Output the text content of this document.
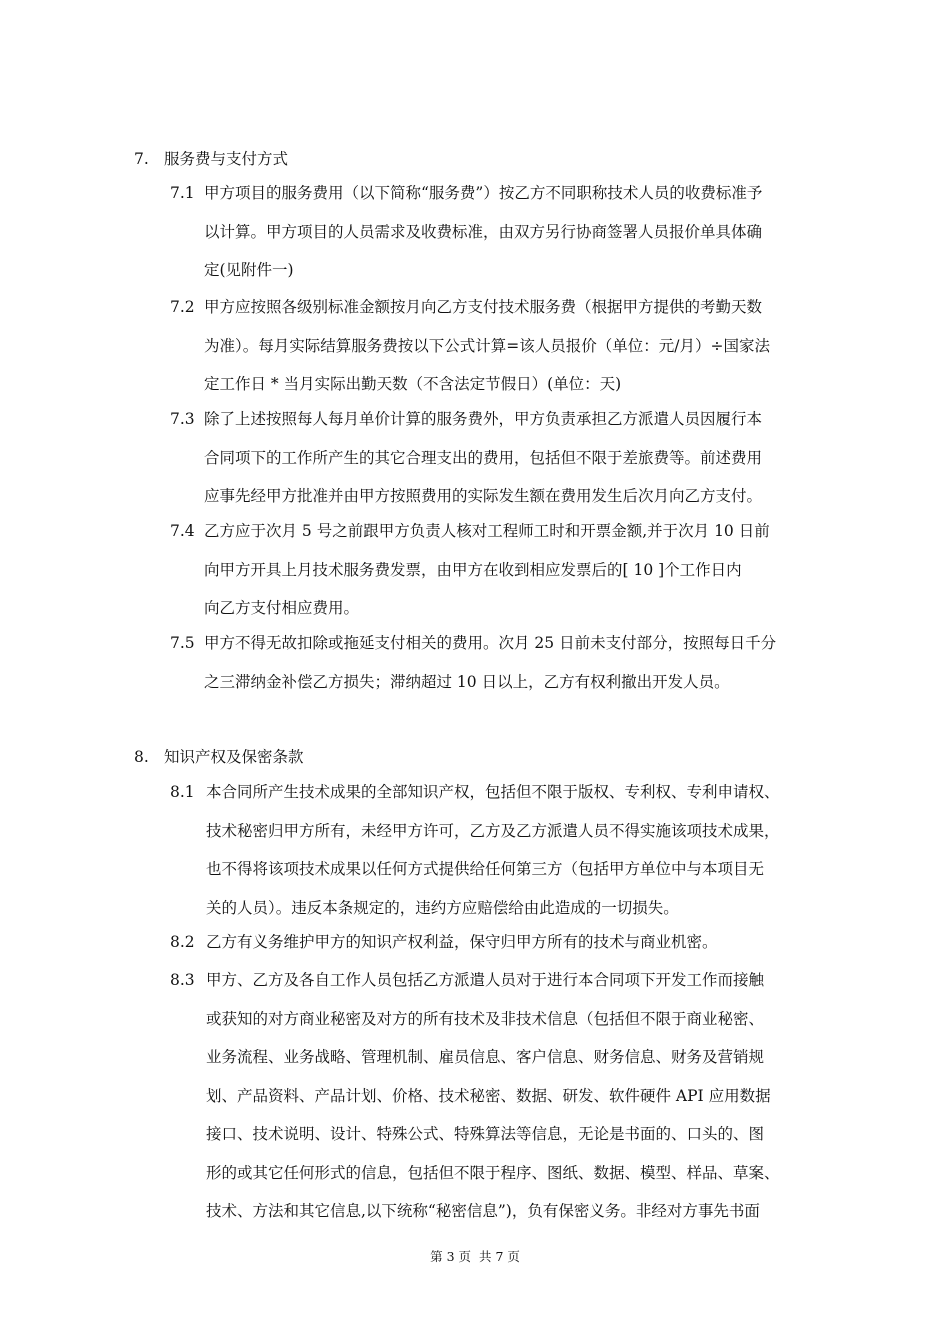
7. 服务费与支付方式
7.1 甲方项目的服务费用（以下简称“服务费”）按乙方不同职称技术人员的收费标准予
以计算。甲方项目的人员需求及收费标准，由双方另行协商签署人员报价单具体确
定(见附件一)
7.2 甲方应按照各级别标准金额按月向乙方支付技术服务费（根据甲方提供的考勤天数
为准）。每月实际结算服务费按以下公式计算=该人员报价（单位：元/月）÷国家法
定工作日 * 当月实际出勤天数（不含法定节假日）(单位：天)
7.3 除了上述按照每人每月单价计算的服务费外，甲方负责承担乙方派遣人员因履行本
合同项下的工作所产生的其它合理支出的费用，包括但不限于差旅费等。前述费用
应事先经甲方批准并由甲方按照费用的实际发生额在费用发生后次月向乙方支付。
7.4 乙方应于次月 5 号之前跟甲方负责人核对工程师工时和开票金额,并于次月 10 日前
向甲方开具上月技术服务费发票，由甲方在收到相应发票后的[ 10 ]个工作日内
向乙方支付相应费用。
7.5 甲方不得无故扣除或拖延支付相关的费用。次月 25 日前未支付部分，按照每日千分
之三滞纳金补偿乙方损失；滞纳超过 10 日以上，乙方有权利撤出开发人员。
8. 知识产权及保密条款
8.1 本合同所产生技术成果的全部知识产权，包括但不限于版权、专利权、专利申请权、
技术秘密归甲方所有，未经甲方许可，乙方及乙方派遣人员不得实施该项技术成果，
也不得将该项技术成果以任何方式提供给任何第三方（包括甲方单位中与本项目无
关的人员）。违反本条规定的，违约方应赔偿给由此造成的一切损失。
8.2 乙方有义务维护甲方的知识产权利益，保守归甲方所有的技术与商业机密。
8.3 甲方、乙方及各自工作人员包括乙方派遣人员对于进行本合同项下开发工作而接触
或获知的对方商业秘密及对方的所有技术及非技术信息（包括但不限于商业秘密、
业务流程、业务战略、管理机制、雇员信息、客户信息、财务信息、财务及营销规
划、产品资料、产品计划、价格、技术秘密、数据、研发、软件硬件 API 应用数据
接口、技术说明、设计、特殊公式、特殊算法等信息，无论是书面的、口头的、图
形的或其它任何形式的信息，包括但不限于程序、图纸、数据、模型、样品、草案、
技术、方法和其它信息,以下统称“秘密信息”)，负有保密义务。非经对方事先书面
第 3 页 共 7 页
